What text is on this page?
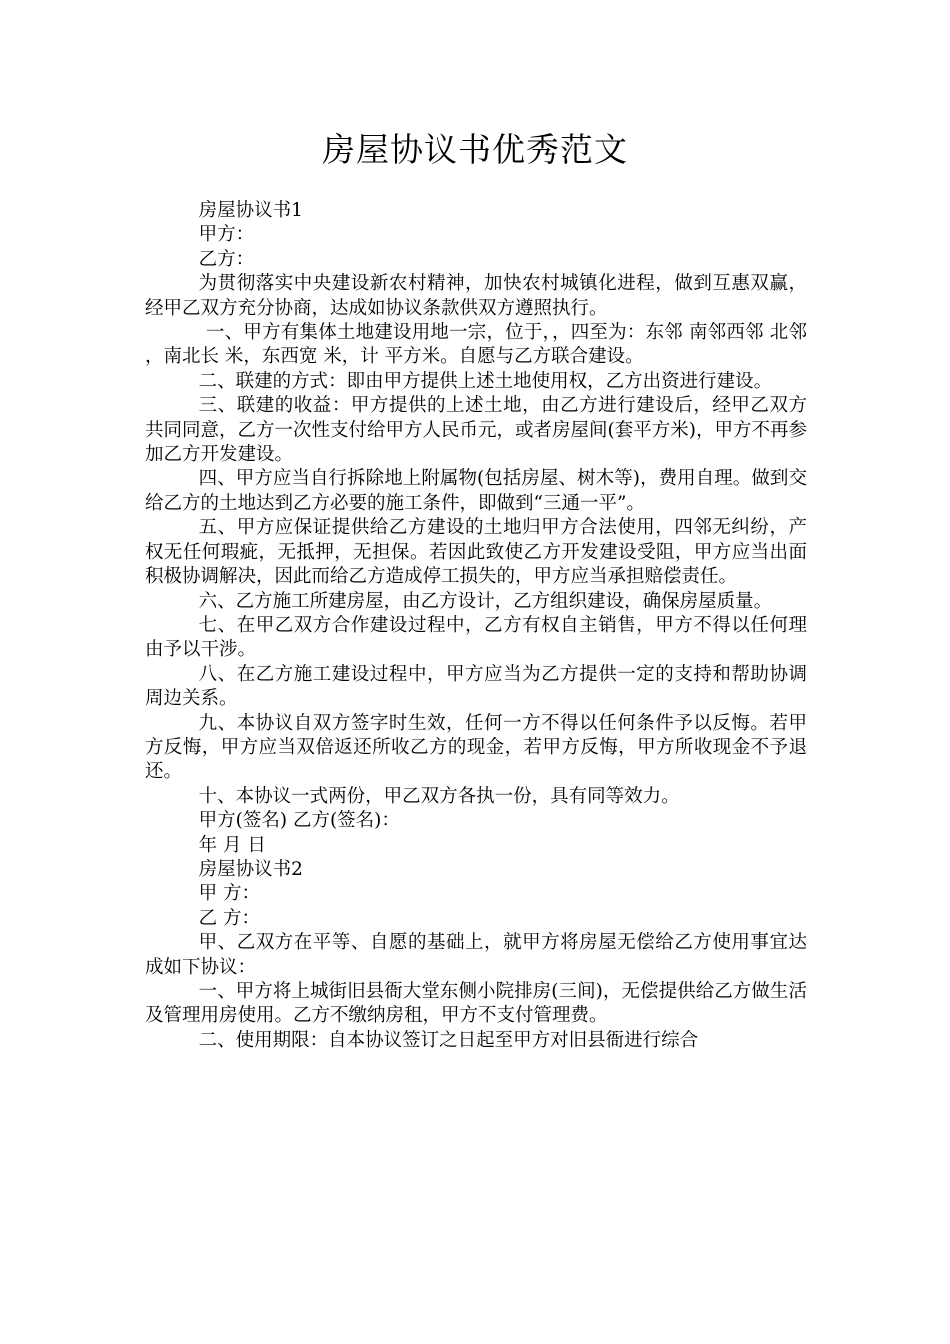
房屋协议书优秀范文

房屋协议书1

甲方：

乙方：

为贯彻落实中央建设新农村精神，加快农村城镇化进程，做到互惠双赢，经甲乙双方充分协商，达成如协议条款供双方遵照执行。

一、甲方有集体土地建设用地一宗，位于，，四至为：东邻 南邻西邻 北邻 ，南北长 米，东西宽 米，计 平方米。自愿与乙方联合建设。

二、联建的方式：即由甲方提供上述土地使用权，乙方出资进行建设。

三、联建的收益：甲方提供的上述土地，由乙方进行建设后，经甲乙双方共同同意，乙方一次性支付给甲方人民币元，或者房屋间(套平方米)，甲方不再参加乙方开发建设。

四、甲方应当自行拆除地上附属物(包括房屋、树木等)，费用自理。做到交给乙方的土地达到乙方必要的施工条件，即做到“三通一平”。

五、甲方应保证提供给乙方建设的土地归甲方合法使用，四邻无纠纷，产权无任何瑕疵，无抵押，无担保。若因此致使乙方开发建设受阻，甲方应当出面积极协调解决，因此而给乙方造成停工损失的，甲方应当承担赔偿责任。

六、乙方施工所建房屋，由乙方设计，乙方组织建设，确保房屋质量。

七、在甲乙双方合作建设过程中，乙方有权自主销售，甲方不得以任何理由予以干涉。

八、在乙方施工建设过程中，甲方应当为乙方提供一定的支持和帮助协调周边关系。

九、本协议自双方签字时生效，任何一方不得以任何条件予以反悔。若甲方反悔，甲方应当双倍返还所收乙方的现金，若甲方反悔，甲方所收现金不予退还。

十、本协议一式两份，甲乙双方各执一份，具有同等效力。

甲方(签名) 乙方(签名)：

年 月 日

房屋协议书2

甲 方：

乙 方：

甲、乙双方在平等、自愿的基础上，就甲方将房屋无偿给乙方使用事宜达成如下协议：

一、甲方将上城街旧县衙大堂东侧小院排房(三间)，无偿提供给乙方做生活及管理用房使用。乙方不缴纳房租，甲方不支付管理费。

二、使用期限：自本协议签订之日起至甲方对旧县衙进行综合
